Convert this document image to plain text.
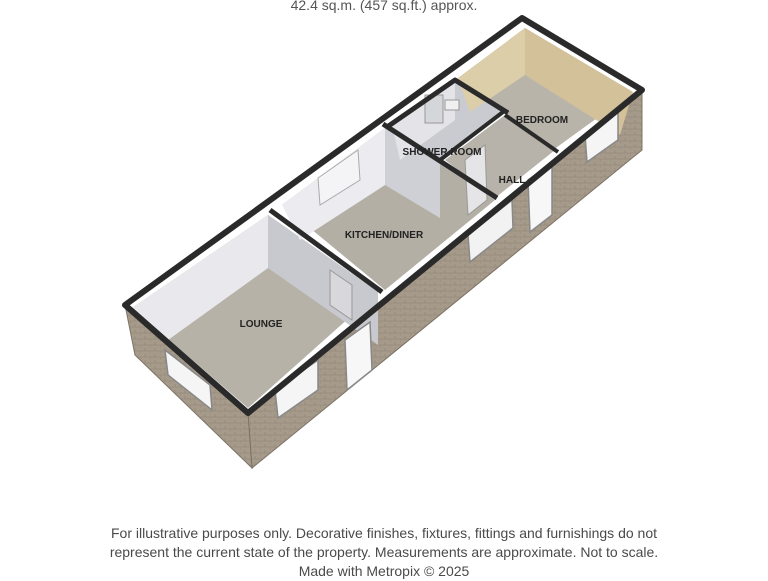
42.4 sq.m. (457 sq.ft.) approx.
LOUNGE
KITCHEN/DINER
SHOWER ROOM
HALL
BEDROOM
For illustrative purposes only. Decorative finishes, fixtures, fittings and furnishings do not
represent the current state of the property. Measurements are approximate. Not to scale.
Made with Metropix © 2025
